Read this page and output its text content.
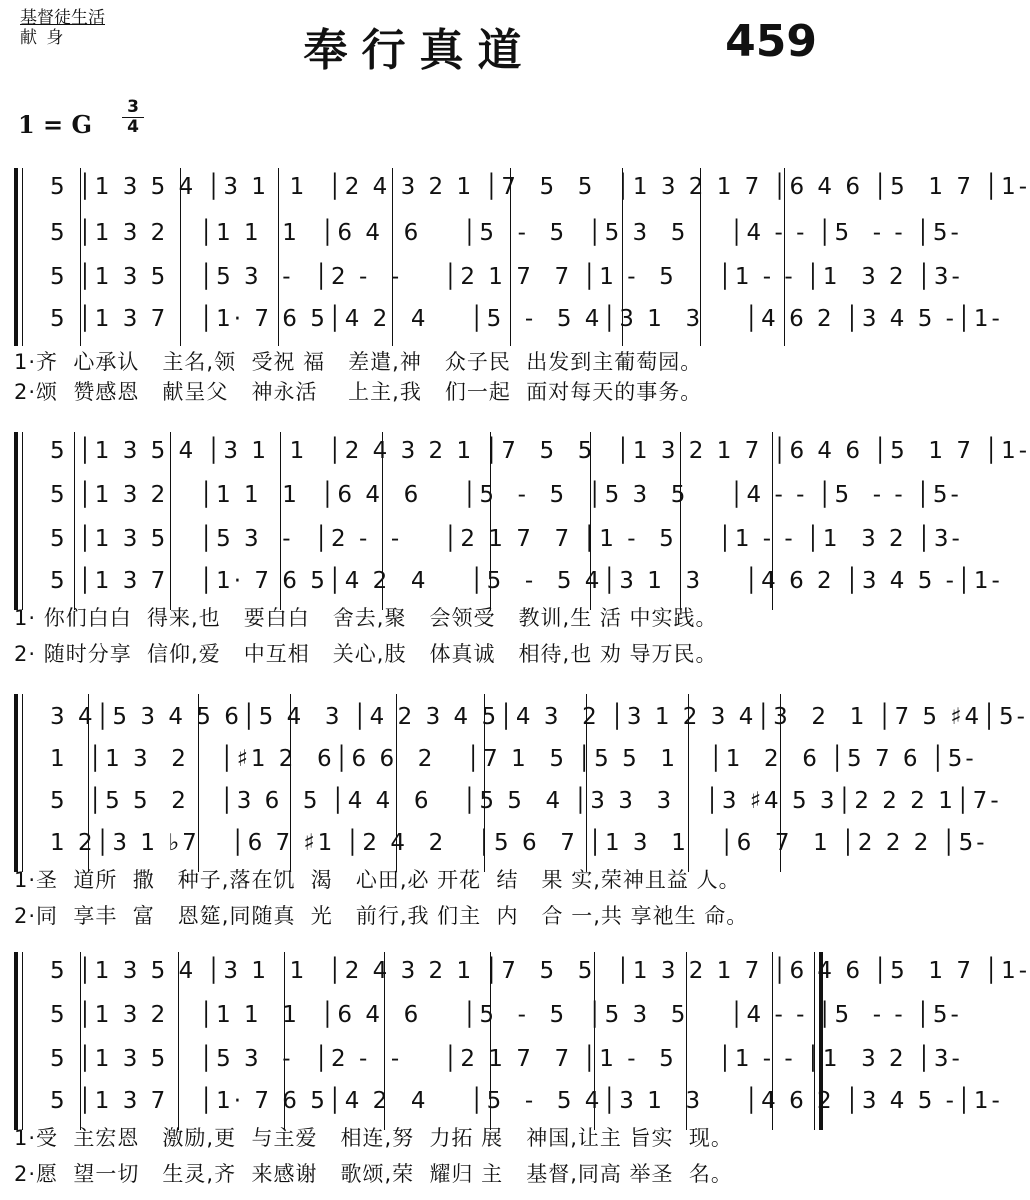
基督徒生活
献 身	奉行真道	459
1 = G $\frac{3}{4}$
5 │1 3 5 4 │3 1  1  │2 4 3 2 1 │7  5  5  │1 3 2 1 7 │6 4 6 │5  1 7 │1-
5 │1 3 2   │1 1  1  │6 4  6    │5  -  5  │5 3  5    │4 - - │5  - - │5-
5 │1 3 5   │5 3  -  │2 -  -    │2 1 7  7 │1 -  5    │1 - - │1  3 2 │3-
5 │1 3 7   │1· 7 6 5│4 2  4    │5  -  5 4│3 1  3    │4 6 2 │3 4 5 -│1-
1·齐  心承认   主名,领  受祝 福   差遣,神   众子民  出发到主葡萄园。
2·颂  赞感恩   献呈父   神永活    上主,我   们一起  面对每天的事务。
5 │1 3 5 4 │3 1  1  │2 4 3 2 1 │7  5  5  │1 3 2 1 7 │6 4 6 │5  1 7 │1-
5 │1 3 2   │1 1  1  │6 4  6    │5  -  5  │5 3  5    │4 - - │5  - - │5-
5 │1 3 5   │5 3  -  │2 -  -    │2 1 7  7 │1 -  5    │1 - - │1  3 2 │3-
5 │1 3 7   │1· 7 6 5│4 2  4    │5  -  5 4│3 1  3    │4 6 2 │3 4 5 -│1-
1· 你们白白  得来,也   要白白   舍去,聚   会领受   教训,生 活 中实践。
2· 随时分享  信仰,爱   中互相   关心,肢   体真诚   相待,也 劝 导万民。
3 4│5 3 4 5 6│5 4  3 │4 2 3 4 5│4 3  2 │3 1 2 3 4│3  2  1 │7 5 ♯4│5-
1  │1 3  2   │♯1 2  6│6 6  2   │7 1  5 │5 5  1   │1  2  6 │5 7 6 │5-
5  │5 5  2   │3 6  5 │4 4  6   │5 5  4 │3 3  3   │3 ♯4 5 3│2 2 2 1│7-
1 2│3 1 ♭7   │6 7 ♯1 │2 4  2   │5 6  7 │1 3  1   │6  7  1 │2 2 2 │5-
1·圣  道所  撒   种子,落在饥  渴   心田,必 开花  结   果 实,荣神且益 人。
2·同  享丰  富   恩筵,同随真  光   前行,我 们主  内   合 一,共 享祂生 命。
5 │1 3 5 4 │3 1  1  │2 4 3 2 1 │7  5  5  │1 3 2 1 7 │6 4 6 │5  1 7 │1-
5 │1 3 2   │1 1  1  │6 4  6    │5  -  5  │5 3  5    │4 - - │5  - - │5-
5 │1 3 5   │5 3  -  │2 -  -    │2 1 7  7 │1 -  5    │1 - - │1  3 2 │3-
5 │1 3 7   │1· 7 6 5│4 2  4    │5  -  5 4│3 1  3    │4 6 2 │3 4 5 -│1-
1·受  主宏恩   激励,更  与主爱   相连,努  力拓 展   神国,让主 旨实  现。
2·愿  望一切   生灵,齐  来感谢   歌颂,荣  耀归 主   基督,同高 举圣  名。
